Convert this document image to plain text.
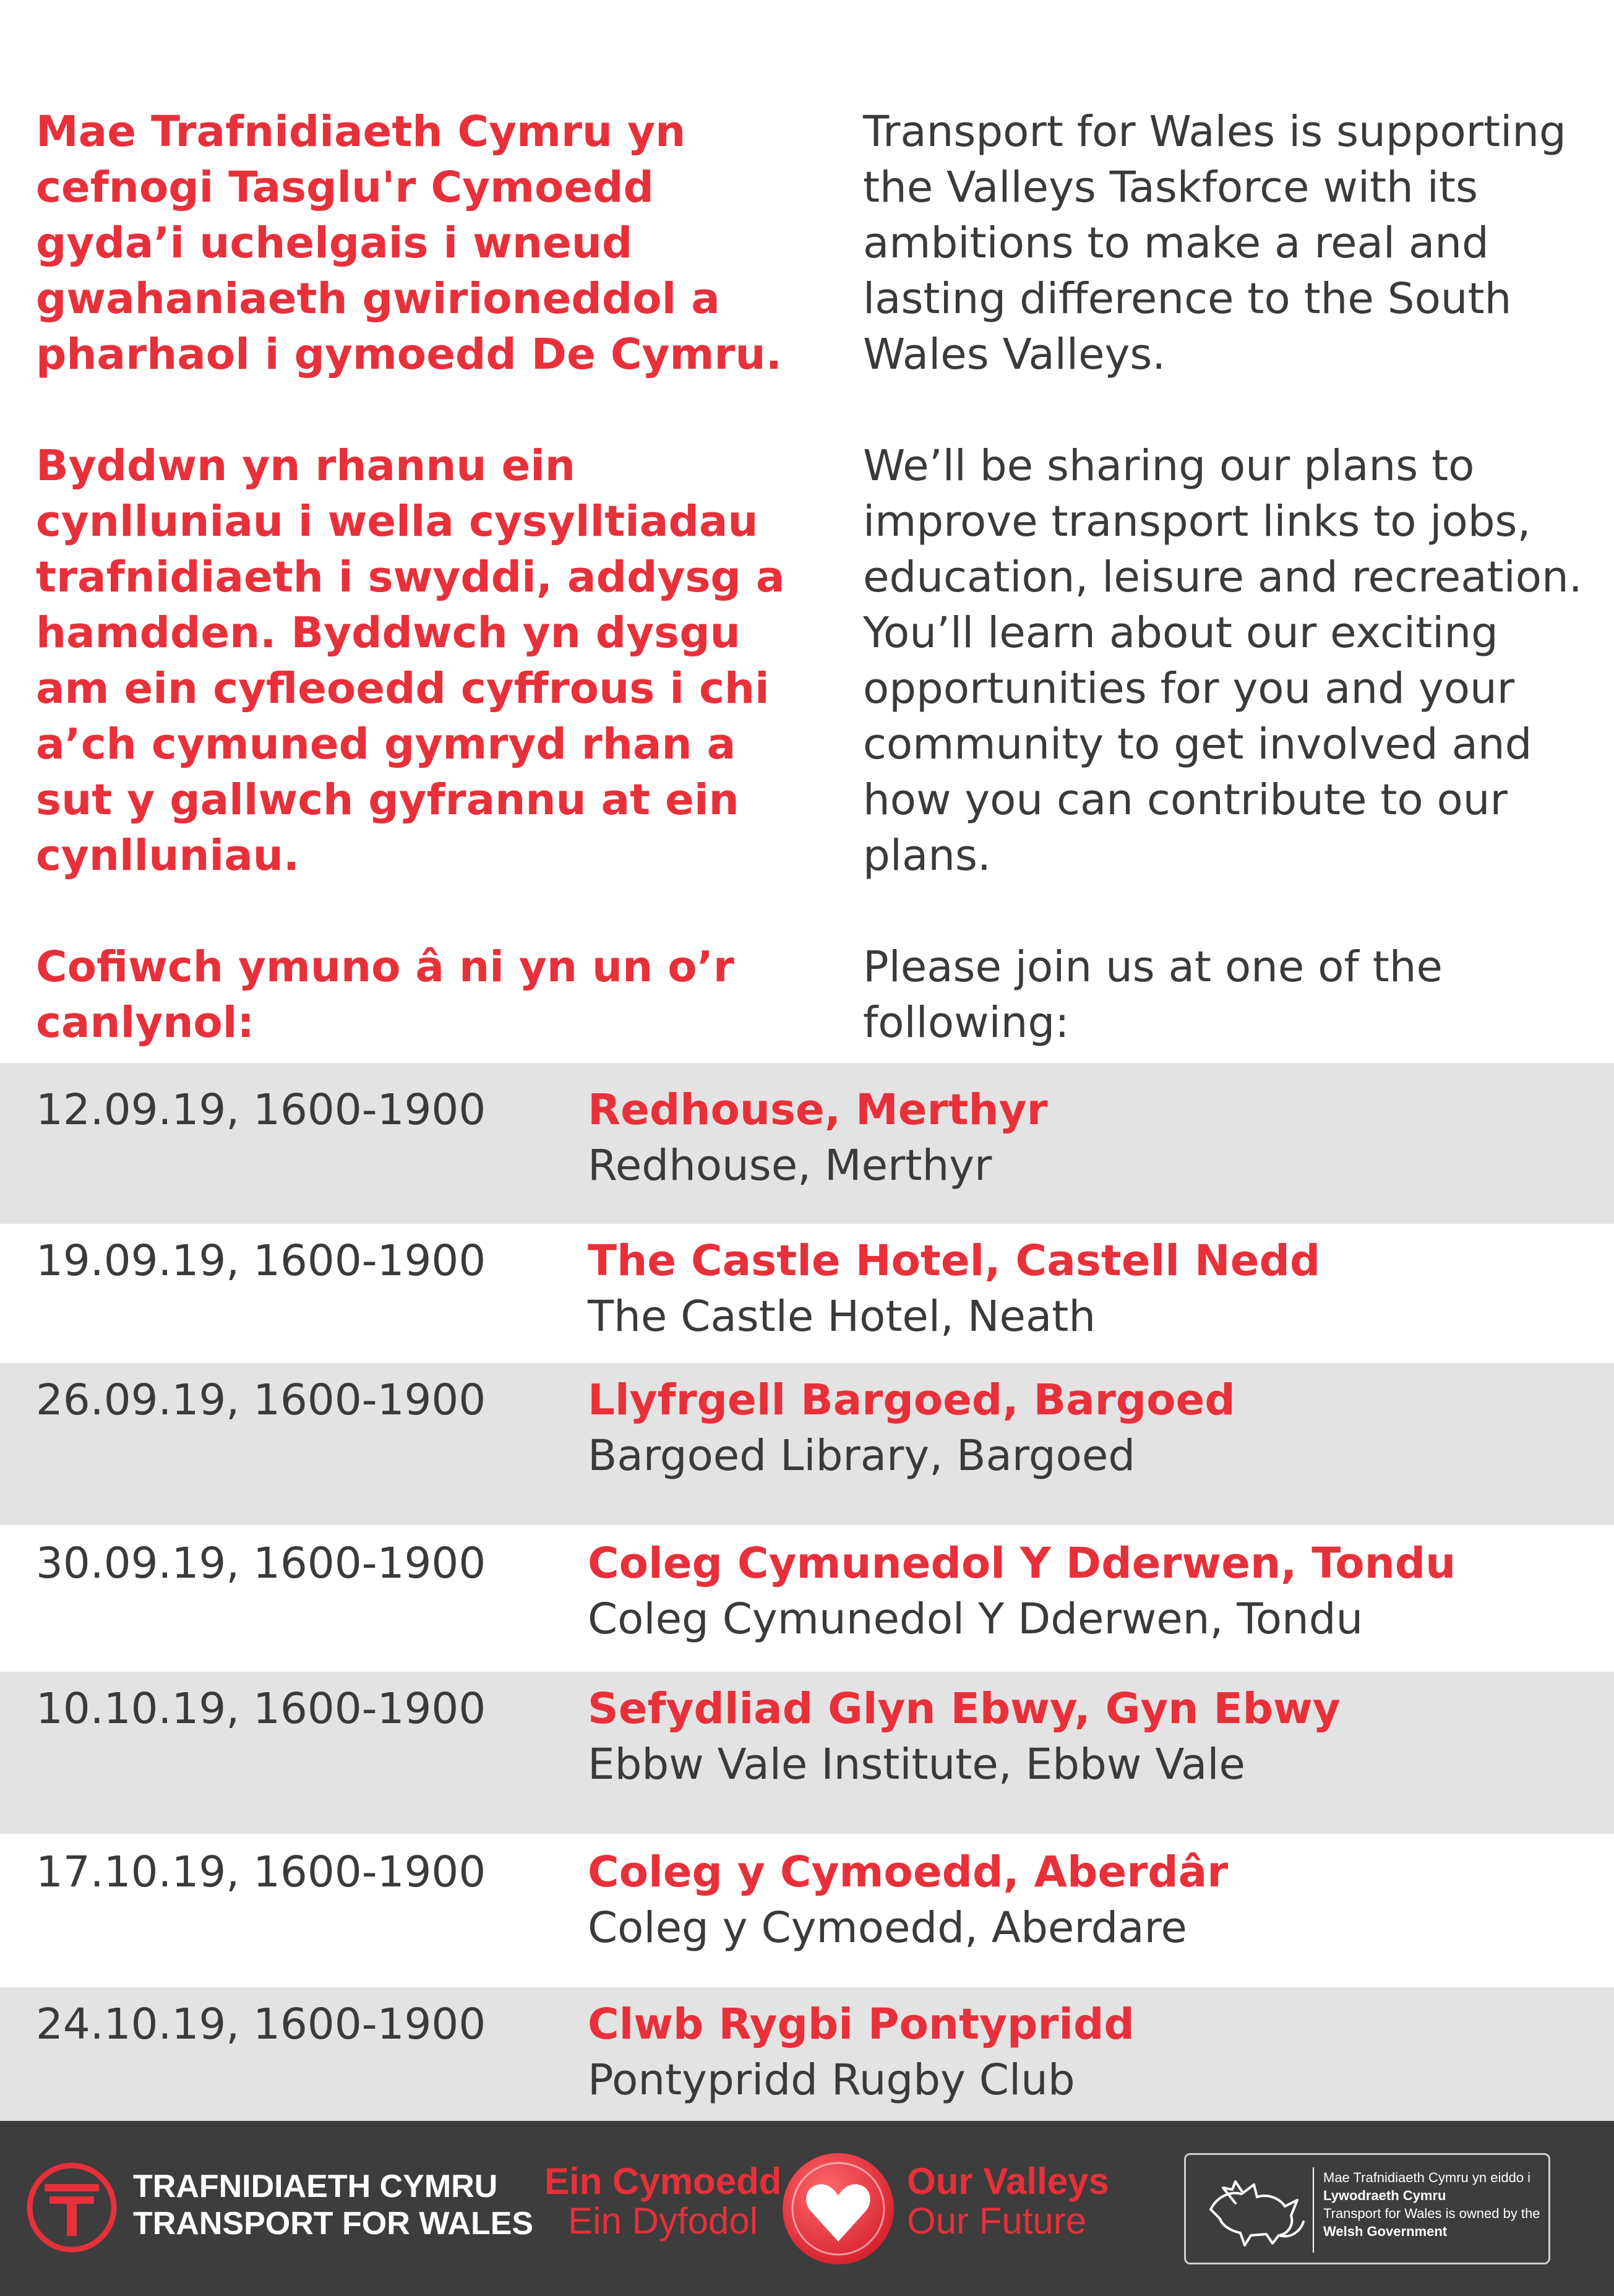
Mae Trafnidiaeth Cymru yn cefnogi Tasglu'r Cymoedd gyda’i uchelgais i wneud gwahaniaeth gwirioneddol a pharhaol i gymoedd De Cymru.

Byddwn yn rhannu ein cynlluniau i wella cysylltiadau trafnidiaeth i swyddi, addysg a hamdden. Byddwch yn dysgu am ein cyfleoedd cyffrous i chi a’ch cymuned gymryd rhan a sut y gallwch gyfrannu at ein cynlluniau.

Cofiwch ymuno â ni yn un o’r canlynol:

Transport for Wales is supporting the Valleys Taskforce with its ambitions to make a real and lasting difference to the South Wales Valleys.

We’ll be sharing our plans to improve transport links to jobs, education, leisure and recreation. You’ll learn about our exciting opportunities for you and your community to get involved and how you can contribute to our plans.

Please join us at one of the following:

12.09.19, 1600-1900 Redhouse, Merthyr
Redhouse, Merthyr
19.09.19, 1600-1900 The Castle Hotel, Castell Nedd
The Castle Hotel, Neath
26.09.19, 1600-1900 Llyfrgell Bargoed, Bargoed
Bargoed Library, Bargoed
30.09.19, 1600-1900 Coleg Cymunedol Y Dderwen, Tondu
Coleg Cymunedol Y Dderwen, Tondu
10.10.19, 1600-1900 Sefydliad Glyn Ebwy, Gyn Ebwy
Ebbw Vale Institute, Ebbw Vale
17.10.19, 1600-1900 Coleg y Cymoedd, Aberdâr
Coleg y Cymoedd, Aberdare
24.10.19, 1600-1900 Clwb Rygbi Pontypridd
Pontypridd Rugby Club
TRAFNIDIAETH CYMRU
TRANSPORT FOR WALES
Ein Cymoedd
Ein Dyfodol
Our Valleys
Our Future
Mae Trafnidiaeth Cymru yn eiddo i
Lywodraeth Cymru
Transport for Wales is owned by the
Welsh Government
